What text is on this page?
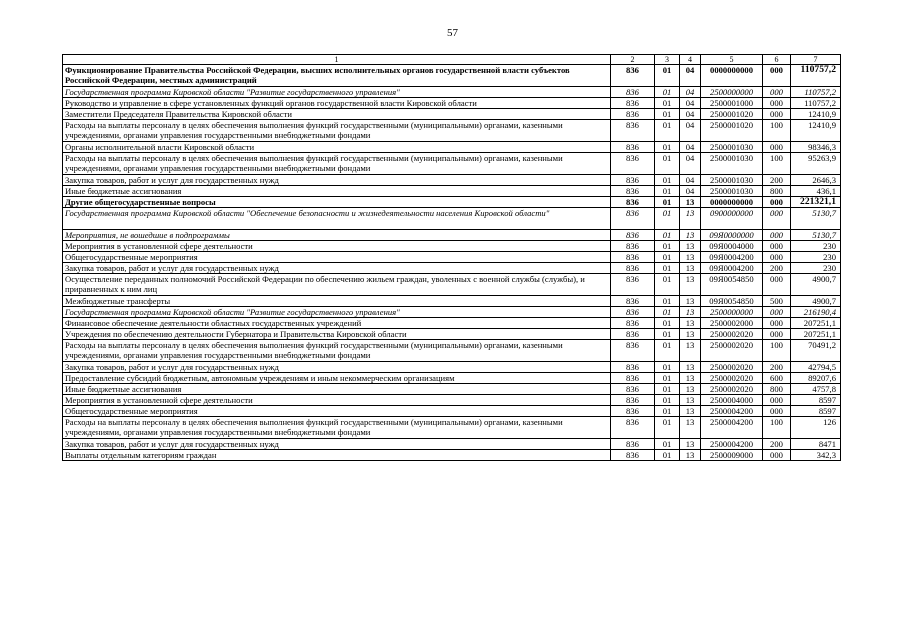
57
1	2	3	4	5	6	7
Функционирование Правительства Российской Федерации, высших исполнительных органов государственной власти субъектов Российской Федерации, местных администраций	836	01	04	0000000000	000	110757,2
Государственная программа Кировской области "Развитие государственного управления"	836	01	04	2500000000	000	110757,2
Руководство и управление в сфере установленных функций органов государственной власти Кировской области	836	01	04	2500001000	000	110757,2
Заместители Председателя Правительства Кировской области	836	01	04	2500001020	000	12410,9
Расходы на выплаты персоналу в целях обеспечения выполнения функций государственными (муниципальными) органами, казенными учреждениями, органами управления государственными внебюджетными фондами	836	01	04	2500001020	100	12410,9
Органы исполнительной власти Кировской области	836	01	04	2500001030	000	98346,3
Расходы на выплаты персоналу в целях обеспечения выполнения функций государственными (муниципальными) органами, казенными учреждениями, органами управления государственными внебюджетными фондами	836	01	04	2500001030	100	95263,9
Закупка товаров, работ и услуг для государственных нужд	836	01	04	2500001030	200	2646,3
Иные бюджетные ассигнования	836	01	04	2500001030	800	436,1
Другие общегосударственные вопросы	836	01	13	0000000000	000	221321,1
Государственная программа Кировской области "Обеспечение безопасности и жизнедеятельности населения Кировской области"	836	01	13	0900000000	000	5130,7
Мероприятия, не вошедшие в подпрограммы	836	01	13	09Я0000000	000	5130,7
Мероприятия в установленной сфере деятельности	836	01	13	09Я0004000	000	230
Общегосударственные мероприятия	836	01	13	09Я0004200	000	230
Закупка товаров, работ и услуг для государственных нужд	836	01	13	09Я0004200	200	230
Осуществление переданных полномочий Российской Федерации по обеспечению жильем граждан, уволенных с военной службы (службы), и приравненных к ним лиц	836	01	13	09Я0054850	000	4900,7
Межбюджетные трансферты	836	01	13	09Я0054850	500	4900,7
Государственная программа Кировской области "Развитие государственного управления"	836	01	13	2500000000	000	216190,4
Финансовое обеспечение деятельности областных государственных учреждений	836	01	13	2500002000	000	207251,1
Учреждения по обеспечению деятельности Губернатора и Правительства Кировской области	836	01	13	2500002020	000	207251,1
Расходы на выплаты персоналу в целях обеспечения выполнения функций государственными (муниципальными) органами, казенными учреждениями, органами управления государственными внебюджетными фондами	836	01	13	2500002020	100	70491,2
Закупка товаров, работ и услуг для государственных нужд	836	01	13	2500002020	200	42794,5
Предоставление субсидий бюджетным, автономным учреждениям и иным некоммерческим организациям	836	01	13	2500002020	600	89207,6
Иные бюджетные ассигнования	836	01	13	2500002020	800	4757,8
Мероприятия в установленной сфере деятельности	836	01	13	2500004000	000	8597
Общегосударственные мероприятия	836	01	13	2500004200	000	8597
Расходы на выплаты персоналу в целях обеспечения выполнения функций государственными (муниципальными) органами, казенными учреждениями, органами управления государственными внебюджетными фондами	836	01	13	2500004200	100	126
Закупка товаров, работ и услуг для государственных нужд	836	01	13	2500004200	200	8471
Выплаты отдельным категориям граждан	836	01	13	2500009000	000	342,3
